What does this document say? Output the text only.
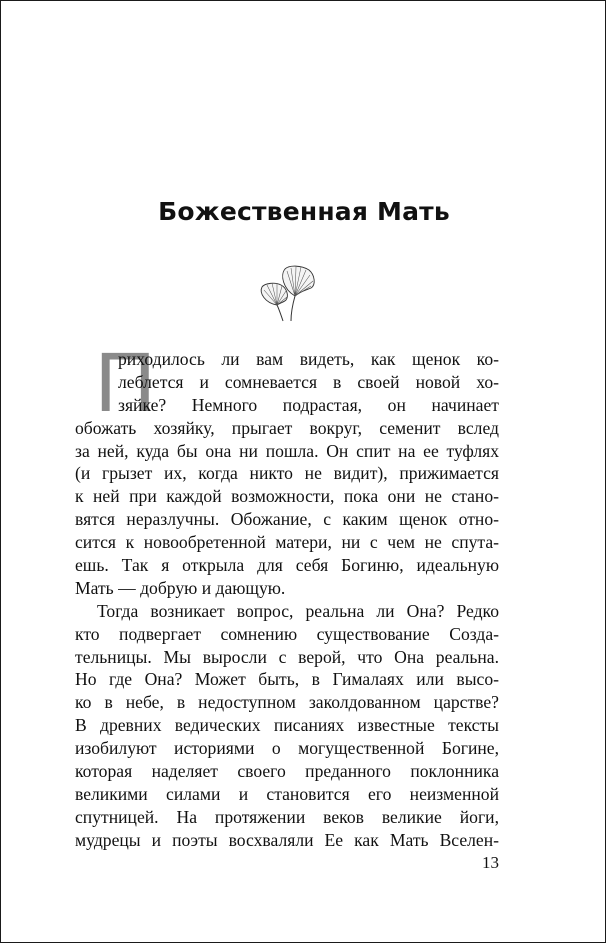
Божественная Мать
П
риходилось ли вам видеть, как щенок ко-
леблется и сомневается в своей новой хо-
зяйке? Немного подрастая, он начинает
обожать хозяйку, прыгает вокруг, семенит вслед
за ней, куда бы она ни пошла. Он спит на ее туфлях
(и грызет их, когда никто не видит), прижимается
к ней при каждой возможности, пока они не стано-
вятся неразлучны. Обожание, с каким щенок отно-
сится к новообретенной матери, ни с чем не спута-
ешь. Так я открыла для себя Богиню, идеальную
Мать — добрую и дающую.
Тогда возникает вопрос, реальна ли Она? Редко
кто подвергает сомнению существование Созда-
тельницы. Мы выросли с верой, что Она реальна.
Но где Она? Может быть, в Гималаях или высо-
ко в небе, в недоступном заколдованном царстве?
В древних ведических писаниях известные тексты
изобилуют историями о могущественной Богине,
которая наделяет своего преданного поклонника
великими силами и становится его неизменной
спутницей. На протяжении веков великие йоги,
мудрецы и поэты восхваляли Ее как Мать Вселен-
13
